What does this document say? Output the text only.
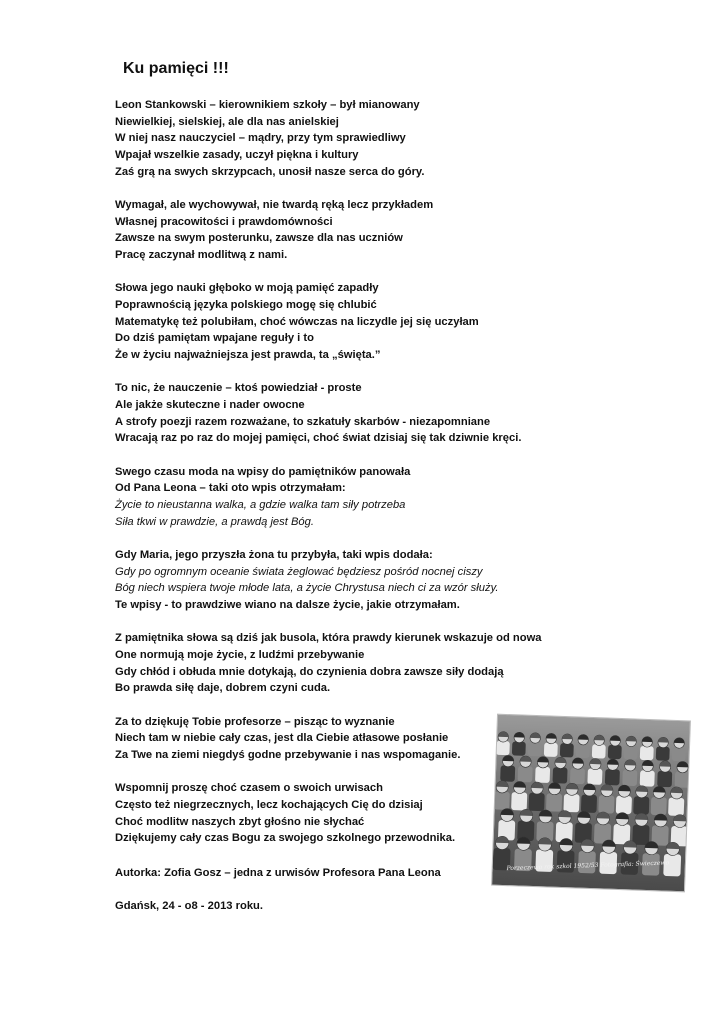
Ku pamięci !!!
Leon Stankowski – kierownikiem szkoły – był mianowany
Niewielkiej, sielskiej, ale dla nas anielskiej
W niej nasz nauczyciel – mądry, przy tym sprawiedliwy
Wpajał wszelkie zasady, uczył piękna i kultury
Zaś grą na swych skrzypcach, unosił nasze serca do góry.
Wymagał, ale wychowywał, nie twardą ręką lecz przykładem
Własnej pracowitości i prawdomówności
Zawsze na swym posterunku, zawsze dla nas uczniów
Pracę zaczynał modlitwą z nami.
Słowa jego nauki głęboko w moją pamięć zapadły
Poprawnością języka polskiego mogę się chlubić
Matematykę też polubiłam, choć wówczas na liczydle jej się uczyłam
Do dziś pamiętam wpajane reguły i to
Że w życiu najważniejsza jest prawda, ta „święta.”
To nic, że nauczenie – ktoś powiedział - proste
Ale jakże skuteczne i nader owocne
A strofy poezji razem rozważane, to szkatuły skarbów - niezapomniane
Wracają raz po raz do mojej pamięci, choć świat dzisiaj się tak dziwnie kręci.
Swego czasu moda na wpisy do pamiętników panowała
Od Pana Leona – taki oto wpis otrzymałam:
Życie to nieustanna walka, a gdzie walka tam siły potrzeba
Siła tkwi w prawdzie, a prawdą jest Bóg.
Gdy Maria, jego przyszła żona tu przybyła, taki wpis dodała:
Gdy po ogromnym oceanie świata żeglować będziesz pośród nocnej ciszy
Bóg niech wspiera twoje młode lata, a życie Chrystusa niech ci za wzór służy.
Te wpisy - to prawdziwe wiano na dalsze życie, jakie otrzymałam.
Z pamiętnika słowa są dziś jak busola, która prawdy kierunek wskazuje od nowa
One normują moje życie, z ludźmi przebywanie
Gdy chłód i obłuda mnie dotykają, do czynienia dobra zawsze siły dodają
Bo prawda siłę daje, dobrem czyni cuda.
Za to dziękuję Tobie profesorze – pisząc to wyznanie
Niech tam w niebie cały czas, jest dla Ciebie atłasowe posłanie
Za Twe na ziemi niegdyś godne przebywanie i nas wspomaganie.
Wspomnij proszę choć czasem o swoich urwisach
Często też niegrzecznych, lecz kochających Cię do dzisiaj
Choć modlitw naszych zbyt głośno nie słychać
Dziękujemy cały czas Bogu za swojego szkolnego przewodnika.
Autorka: Zofia Gosz – jedna z urwisów Profesora Pana Leona
Gdańsk, 24 - o8 - 2013 roku.
Porzeczewo rok szkol 1952/53 Fotografia: Świeczewo
